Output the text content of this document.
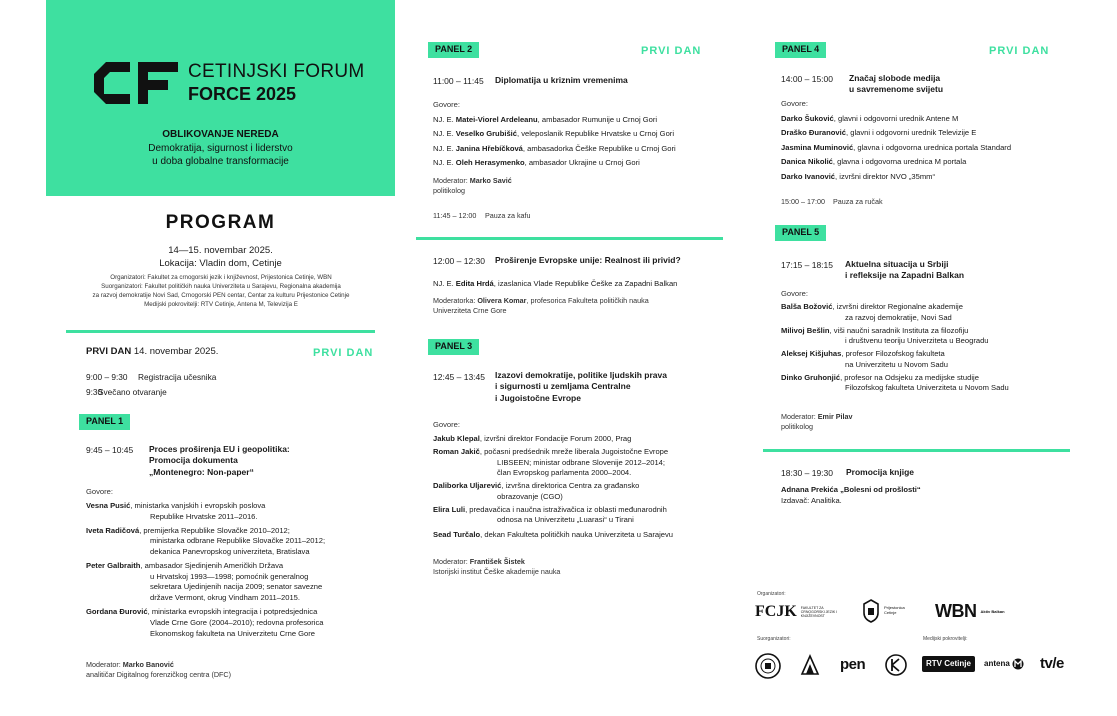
CETINJSKI FORUM
FORCE 2025
OBLIKOVANJE NEREDA
Demokratija, sigurnost i liderstvo
u doba globalne transformacije
PROGRAM
14—15. novembar 2025.
Lokacija: Vladin dom, Cetinje
Organizatori: Fakultet za crnogorski jezik i književnost, Prijestonica Cetinje, WBN
Suorganizatori: Fakultet političkih nauka Univerziteta u Sarajevu, Regionalna akademija
za razvoj demokratije Novi Sad, Crnogorski PEN centar, Centar za kulturu Prijestonice Cetinje
Medijski pokrovitelji: RTV Cetinje, Antena M, Televizija E
PRVI DAN 14. novembar 2025.	PRVI DAN
9:00 – 9:30 Registracija učesnika
9:30Svečano otvaranje
PANEL 1
9:45 – 10:45 Proces proširenja EU i geopolitika:
Promocija dokumenta
„Montenegro: Non-paper“
Govore:
Vesna Pusić, ministarka vanjskih i evropskih poslova
Republike Hrvatske 2011–2016.
Iveta Radičová, premijerka Republike Slovačke 2010–2012;
ministarka odbrane Republike Slovačke 2011–2012;
dekanica Panevropskog univerziteta, Bratislava
Peter Galbraith, ambasador Sjedinjenih Američkih Država
u Hrvatskoj 1993—1998; pomoćnik generalnog
sekretara Ujedinjenih nacija 2009; senator savezne
države Vermont, okrug Vindham 2011–2015.
Gordana Đurović, ministarka evropskih integracija i potpredsjednica
Vlade Crne Gore (2004–2010); redovna profesorica
Ekonomskog fakulteta na Univerzitetu Crne Gore
Moderator: Marko Banović
analitičar Digitalnog forenzičkog centra (DFC)
PANEL 2	PRVI DAN
11:00 – 11:45 Diplomatija u kriznim vremenima
Govore:
NJ. E. Matei-Viorel Ardeleanu, ambasador Rumunije u Crnoj Gori
NJ. E. Veselko Grubišić, veleposlanik Republike Hrvatske u Crnoj Gori
NJ. E. Janina Hřebíčková, ambasadorka Češke Republike u Crnoj Gori
NJ. E. Oleh Herasymenko, ambasador Ukrajine u Crnoj Gori
Moderator: Marko Savić
politikolog
11:45 – 12:00 Pauza za kafu
12:00 – 12:30 Proširenje Evropske unije: Realnost ili privid?
NJ. E. Edita Hrdá, izaslanica Vlade Republike Češke za Zapadni Balkan
Moderatorka: Olivera Komar, profesorica Fakulteta političkih nauka
Univerziteta Crne Gore
PANEL 3
12:45 – 13:45 Izazovi demokratije, politike ljudskih prava
i sigurnosti u zemljama Centralne
i Jugoistočne Evrope
Govore:
Jakub Klepal, izvršni direktor Fondacije Forum 2000, Prag
Roman Jakič, počasni predśednik mreže liberala Jugoistočne Evrope
LIBSEEN; ministar odbrane Slovenije 2012–2014;
član Evropskog parlamenta 2000–2004.
Daliborka Uljarević, izvršna direktorica Centra za građansko
obrazovanje (CGO)
Elira Luli, predavačica i naučna istraživačica iz oblasti međunarodnih
odnosa na Univerzitetu „Luarasi“ u Tirani
Sead Turčalo, dekan Fakulteta političkih nauka Univerziteta u Sarajevu
Moderator: František Šistek
Istorijski institut Češke akademije nauka
PANEL 4	PRVI DAN
14:00 – 15:00 Značaj slobode medija
u savremenome svijetu
Govore:
Darko Šuković, glavni i odgovorni urednik Antene M
Draško Đuranović, glavni i odgovorni urednik Televizije E
Jasmina Muminović, glavna i odgovorna urednica portala Standard
Danica Nikolić, glavna i odgovorna urednica M portala
Darko Ivanović, izvršni direktor NVO „35mm“
15:00 – 17:00 Pauza za ručak
PANEL 5
17:15 – 18:15 Aktuelna situacija u Srbiji
i refleksije na Zapadni Balkan
Govore:
Balša Božović, izvršni direktor Regionalne akademije
za razvoj demokratije, Novi Sad
Milivoj Bešlin, viši naučni saradnik Instituta za filozofiju
i društvenu teoriju Univerziteta u Beogradu
Aleksej Kišjuhas, profesor Filozofskog fakulteta
na Univerzitetu u Novom Sadu
Dinko Gruhonjić, profesor na Odsjeku za medijske studije
Filozofskog fakulteta Univerziteta u Novom Sadu
Moderator: Emir Pilav
politikolog
18:30 – 19:30 Promocija knjige
Adnana Prekića „Bolesni od prošlosti“
Izdavač: Analitika.
Organizatori:
FCJK FAKULTET ZA CRNOGORSKI JEZIK I KNJIŽEVNOST
Prijestonica Cetinje	WBN Aktiv Balkan
Suorganizatori:	Medijski pokrovitelji:
pen	RTV Cetinje antena tv/e
